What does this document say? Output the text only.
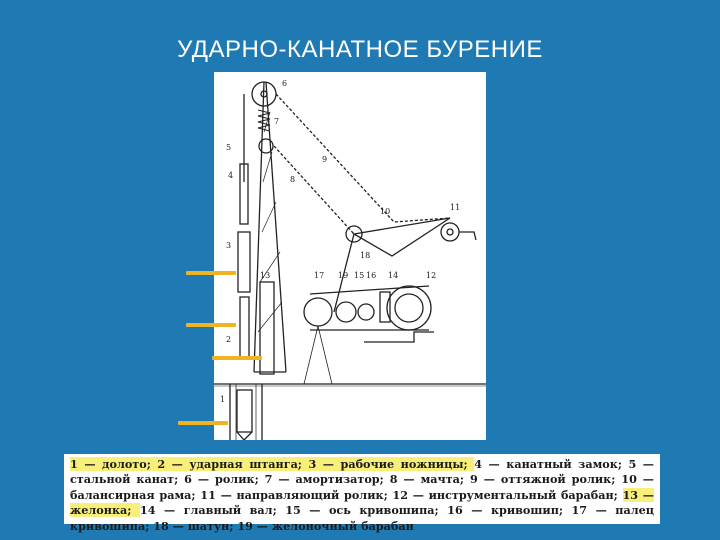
УДАРНО-КАНАТНОЕ БУРЕНИЕ
6
5
4
3
2
1
7
8
9
10	11
12
13	14
15 16
17
18
19
1 — долото; 2 — ударная штанга; 3 — рабочие ножницы; 4 — канатный замок; 5 — стальной канат; 6 — ролик; 7 — амортизатор; 8 — мачта; 9 — оттяжной ролик; 10 — балансирная рама; 11 — направляющий ролик; 12 — инструментальный барабан; 13 — желонка; 14 — главный вал; 15 — ось кривошипа; 16 — кривошип; 17 — палец кривошипа; 18 — шатун; 19 — желоночный барабан
